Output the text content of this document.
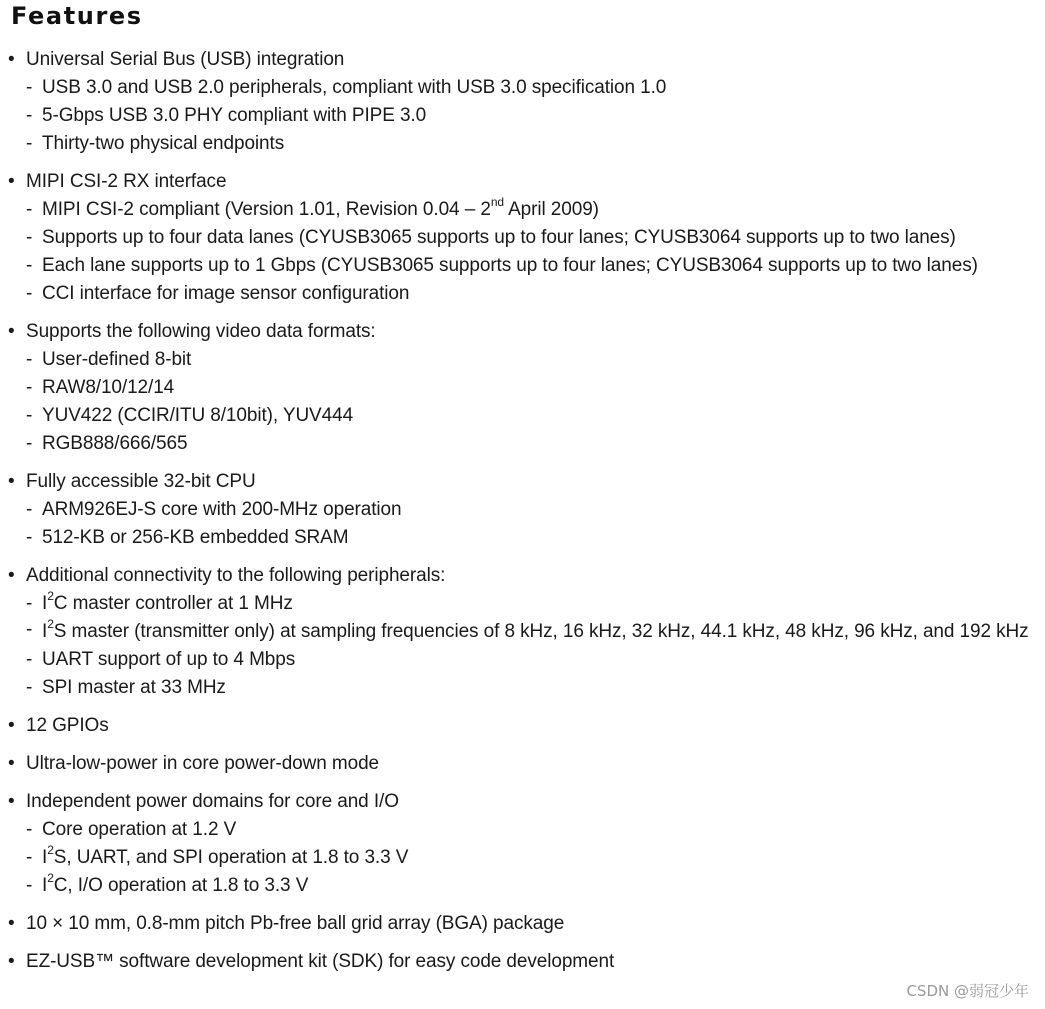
Features
• Universal Serial Bus (USB) integration
- USB 3.0 and USB 2.0 peripherals, compliant with USB 3.0 specification 1.0
- 5-Gbps USB 3.0 PHY compliant with PIPE 3.0
- Thirty-two physical endpoints
• MIPI CSI-2 RX interface
- MIPI CSI-2 compliant (Version 1.01, Revision 0.04 – 2nd April 2009)
- Supports up to four data lanes (CYUSB3065 supports up to four lanes; CYUSB3064 supports up to two lanes)
- Each lane supports up to 1 Gbps (CYUSB3065 supports up to four lanes; CYUSB3064 supports up to two lanes)
- CCI interface for image sensor configuration
• Supports the following video data formats:
- User-defined 8-bit
- RAW8/10/12/14
- YUV422 (CCIR/ITU 8/10bit), YUV444
- RGB888/666/565
• Fully accessible 32-bit CPU
- ARM926EJ-S core with 200-MHz operation
- 512-KB or 256-KB embedded SRAM
• Additional connectivity to the following peripherals:
- $I^2C$ master controller at 1 MHz
- $I^2S$ master (transmitter only) at sampling frequencies of 8 kHz, 16 kHz, 32 kHz, 44.1 kHz, 48 kHz, 96 kHz, and 192 kHz
- UART support of up to 4 Mbps
- SPI master at 33 MHz
• 12 GPIOs
• Ultra-low-power in core power-down mode
• Independent power domains for core and I/O
- Core operation at 1.2 V
- $I^2S$, UART, and SPI operation at 1.8 to 3.3 V
- $I^2C$, I/O operation at 1.8 to 3.3 V
• 10 × 10 mm, 0.8-mm pitch Pb-free ball grid array (BGA) package
• EZ-USB™ software development kit (SDK) for easy code development
CSDN @弱冠少年
